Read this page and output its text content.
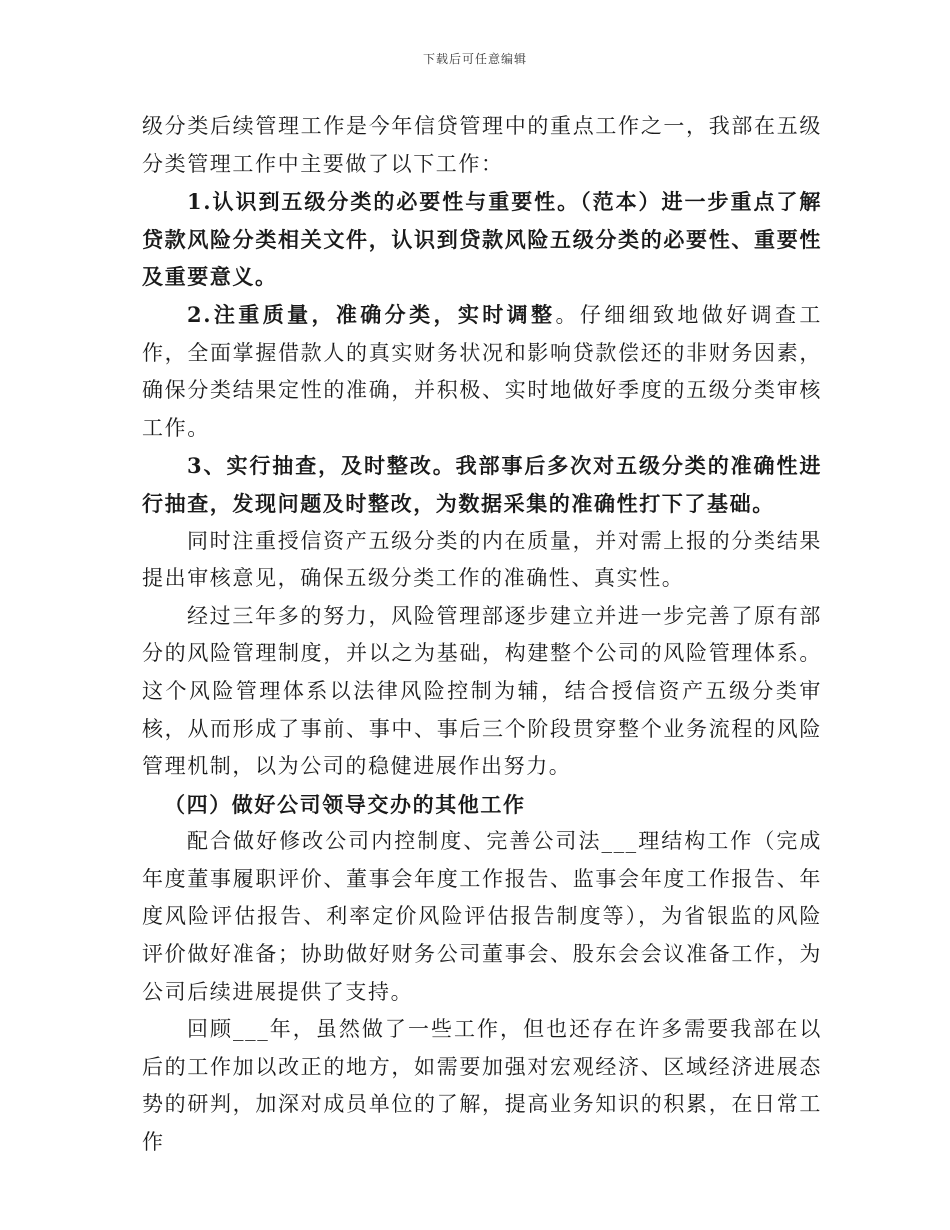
下载后可任意编辑

级分类后续管理工作是今年信贷管理中的重点工作之一，我部在五级分类管理工作中主要做了以下工作：

1.认识到五级分类的必要性与重要性。（范本）进一步重点了解贷款风险分类相关文件，认识到贷款风险五级分类的必要性、重要性及重要意义。

2.注重质量，准确分类，实时调整。仔细细致地做好调查工作，全面掌握借款人的真实财务状况和影响贷款偿还的非财务因素，确保分类结果定性的准确，并积极、实时地做好季度的五级分类审核工作。

3、实行抽查，及时整改。我部事后多次对五级分类的准确性进行抽查，发现问题及时整改，为数据采集的准确性打下了基础。

同时注重授信资产五级分类的内在质量，并对需上报的分类结果提出审核意见，确保五级分类工作的准确性、真实性。

经过三年多的努力，风险管理部逐步建立并进一步完善了原有部分的风险管理制度，并以之为基础，构建整个公司的风险管理体系。这个风险管理体系以法律风险控制为辅，结合授信资产五级分类审核，从而形成了事前、事中、事后三个阶段贯穿整个业务流程的风险管理机制，以为公司的稳健进展作出努力。

（四）做好公司领导交办的其他工作

配合做好修改公司内控制度、完善公司法___理结构工作（完成年度董事履职评价、董事会年度工作报告、监事会年度工作报告、年度风险评估报告、利率定价风险评估报告制度等），为省银监的风险评价做好准备；协助做好财务公司董事会、股东会会议准备工作，为公司后续进展提供了支持。

回顾___年，虽然做了一些工作，但也还存在许多需要我部在以后的工作加以改正的地方，如需要加强对宏观经济、区域经济进展态势的研判，加深对成员单位的了解，提高业务知识的积累，在日常工作
